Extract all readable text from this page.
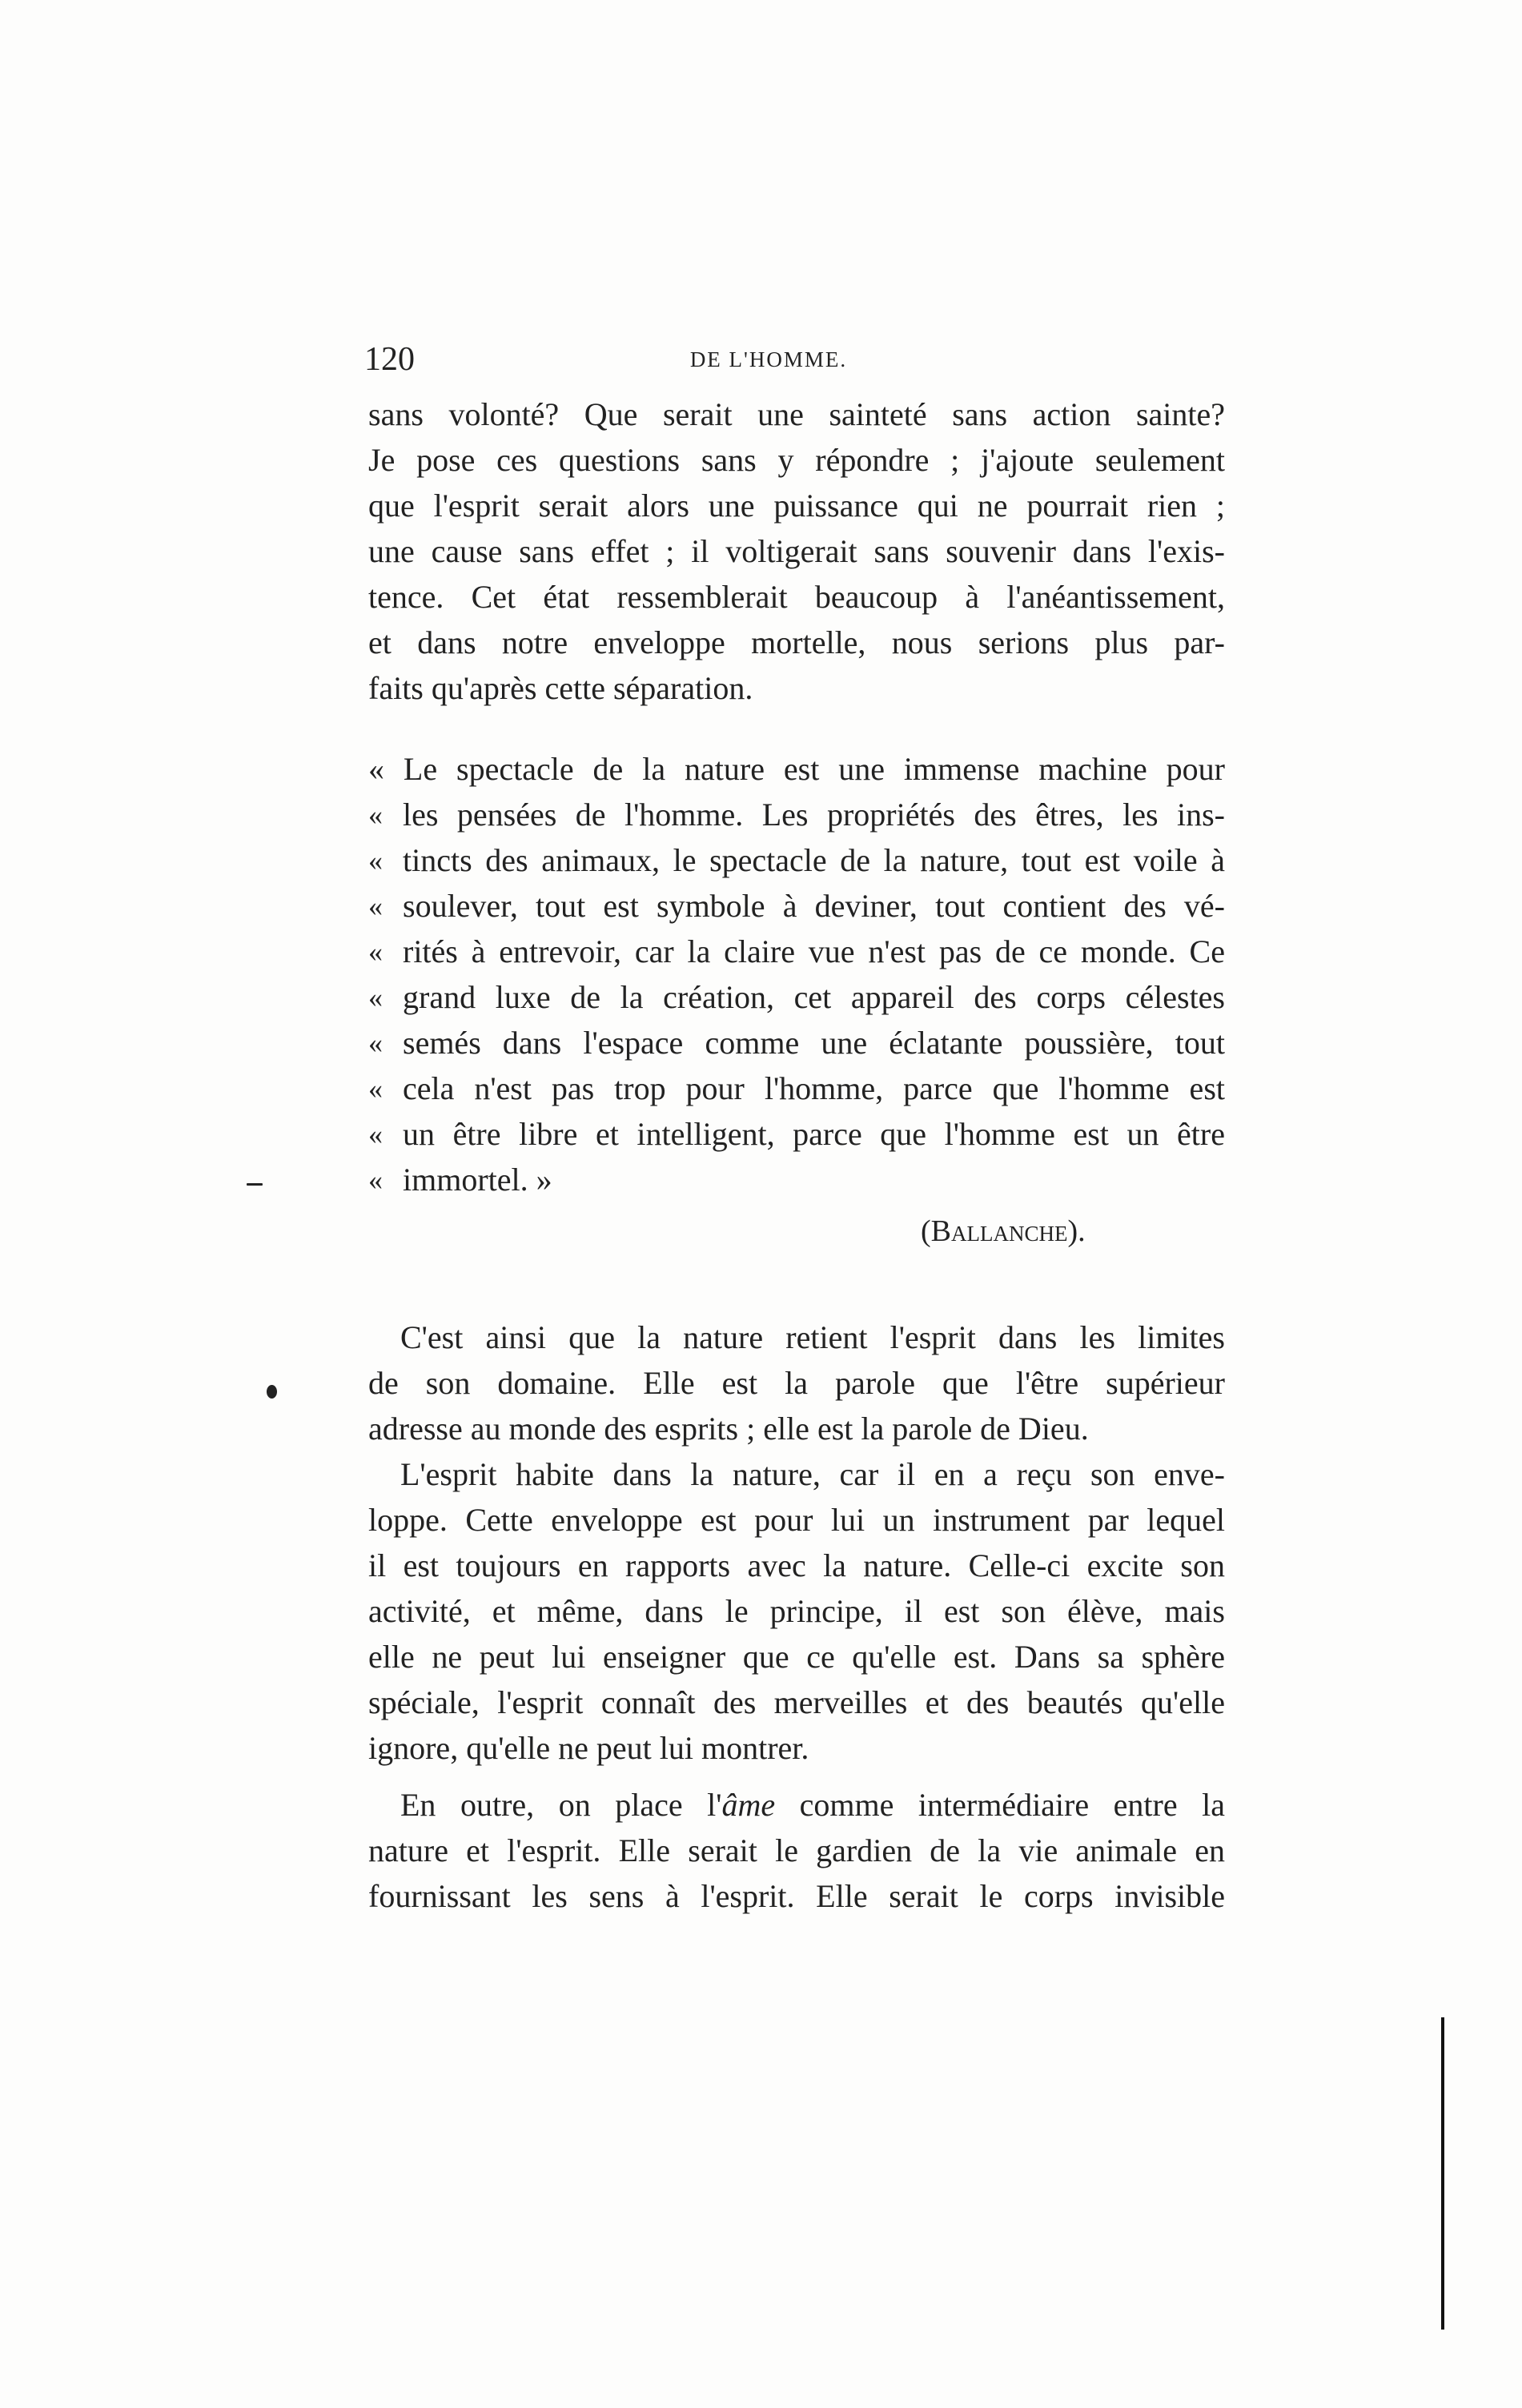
120	DE L'HOMME.
sans volonté? Que serait une sainteté sans action sainte?
Je pose ces questions sans y répondre ; j'ajoute seulement
que l'esprit serait alors une puissance qui ne pourrait rien ;
une cause sans effet ; il voltigerait sans souvenir dans l'exis-
tence. Cet état ressemblerait beaucoup à l'anéantissement,
et dans notre enveloppe mortelle, nous serions plus par-
faits qu'après cette séparation.
« Le spectacle de la nature est une immense machine pour
« les pensées de l'homme. Les propriétés des êtres, les ins-
« tincts des animaux, le spectacle de la nature, tout est voile à
« soulever, tout est symbole à deviner, tout contient des vé-
« rités à entrevoir, car la claire vue n'est pas de ce monde. Ce
« grand luxe de la création, cet appareil des corps célestes
« semés dans l'espace comme une éclatante poussière, tout
« cela n'est pas trop pour l'homme, parce que l'homme est
« un être libre et intelligent, parce que l'homme est un être
« immortel. »
(Ballanche).
C'est ainsi que la nature retient l'esprit dans les limites
de son domaine. Elle est la parole que l'être supérieur
adresse au monde des esprits ; elle est la parole de Dieu.
L'esprit habite dans la nature, car il en a reçu son enve-
loppe. Cette enveloppe est pour lui un instrument par lequel
il est toujours en rapports avec la nature. Celle-ci excite son
activité, et même, dans le principe, il est son élève, mais
elle ne peut lui enseigner que ce qu'elle est. Dans sa sphère
spéciale, l'esprit connaît des merveilles et des beautés qu'elle
ignore, qu'elle ne peut lui montrer.
En outre, on place l'âme comme intermédiaire entre la
nature et l'esprit. Elle serait le gardien de la vie animale en
fournissant les sens à l'esprit. Elle serait le corps invisible
